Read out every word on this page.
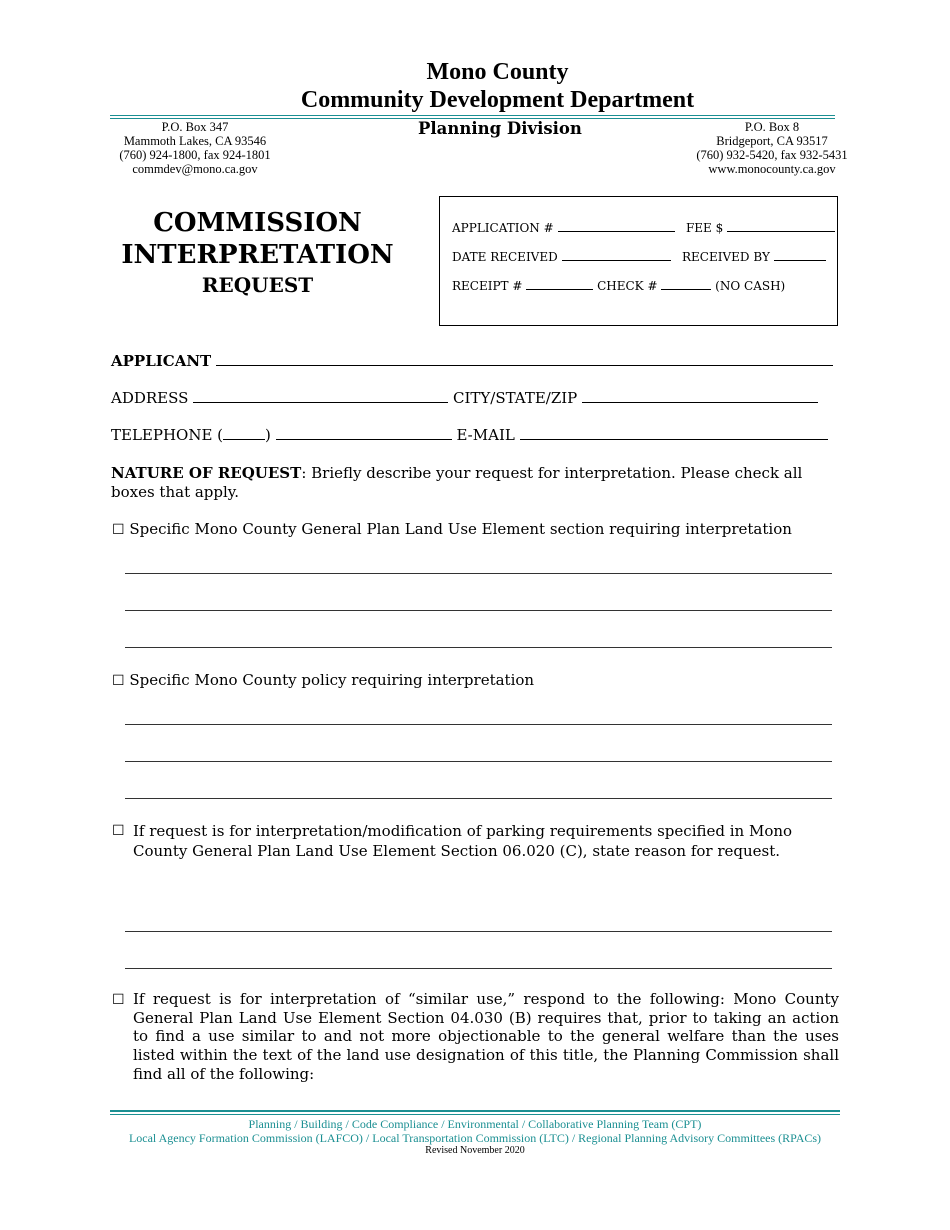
Mono County
Community Development Department
P.O. Box 347
Mammoth Lakes, CA 93546
(760) 924-1800, fax 924-1801
commdev@mono.ca.gov
Planning Division	P.O. Box 8
Bridgeport, CA 93517
(760) 932-5420, fax 932-5431
www.monocounty.ca.gov
COMMISSION
INTERPRETATION
REQUEST
APPLICATION #	FEE $
DATE RECEIVED	RECEIVED BY
RECEIPT #	CHECK #	(NO CASH)
APPLICANT
ADDRESS	CITY/STATE/ZIP
TELEPHONE (	)	E-MAIL
NATURE OF REQUEST: Briefly describe your request for interpretation. Please check all boxes that apply.
☐ Specific Mono County General Plan Land Use Element section requiring interpretation
☐ Specific Mono County policy requiring interpretation
☐ If request is for interpretation/modification of parking requirements specified in Mono County General Plan Land Use Element Section 06.020 (C), state reason for request.
☐ If request is for interpretation of “similar use,” respond to the following: Mono County General Plan Land Use Element Section 04.030 (B) requires that, prior to taking an action to find a use similar to and not more objectionable to the general welfare than the uses listed within the text of the land use designation of this title, the Planning Commission shall find all of the following:
Planning / Building / Code Compliance / Environmental / Collaborative Planning Team (CPT)
Local Agency Formation Commission (LAFCO) / Local Transportation Commission (LTC) / Regional Planning Advisory Committees (RPACs)
Revised November 2020
